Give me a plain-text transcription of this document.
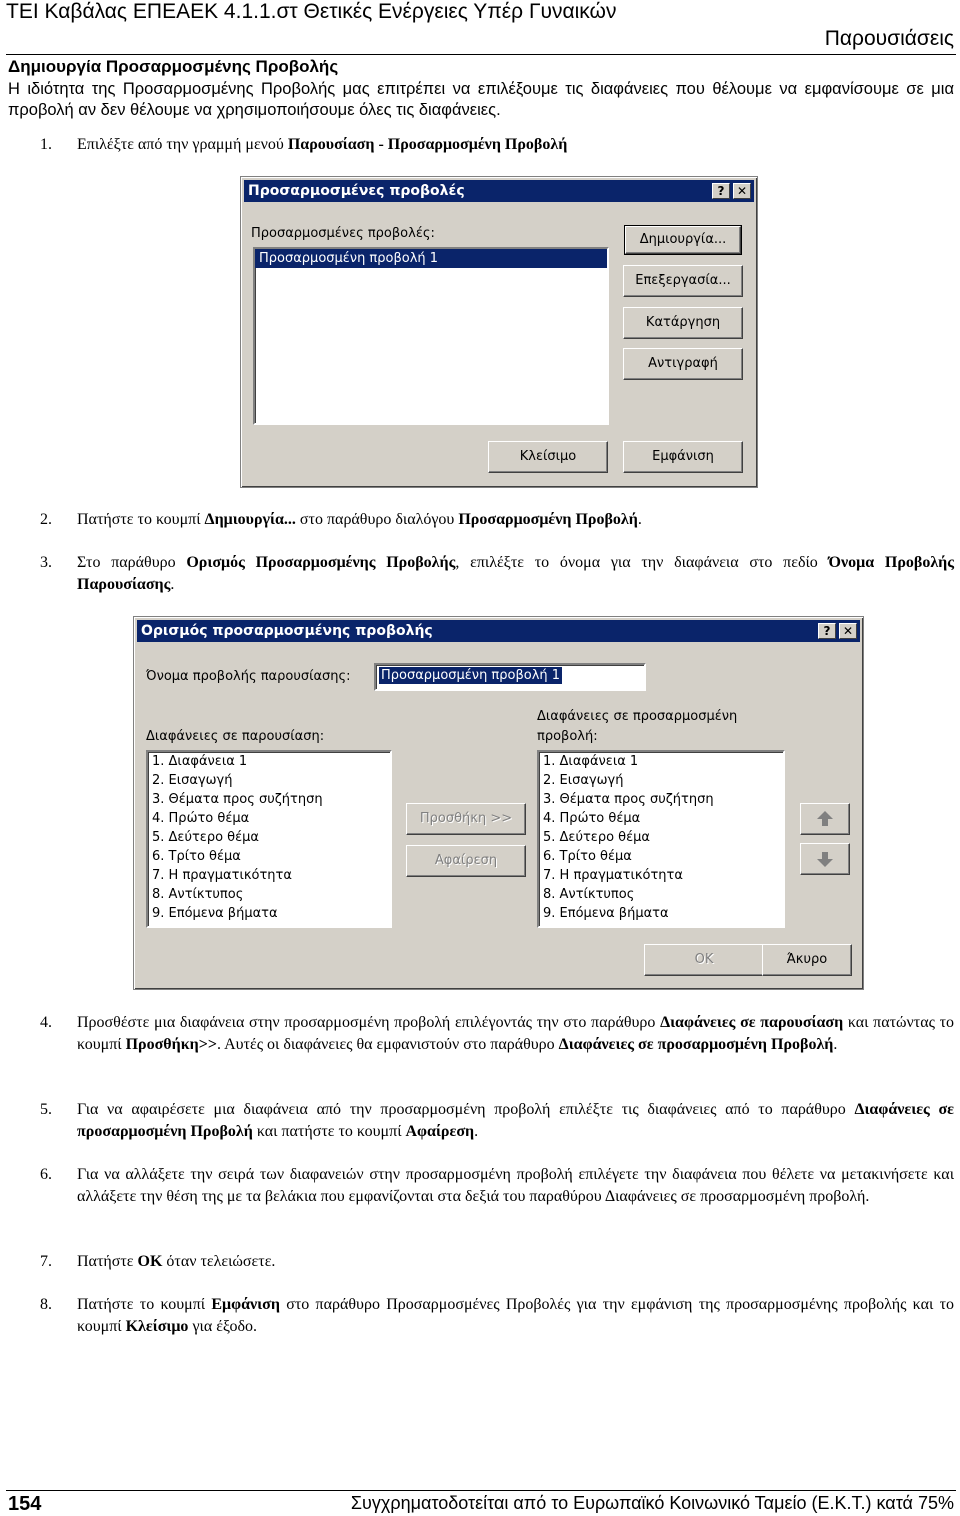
ΤΕΙ Καβάλας ΕΠΕΑΕΚ 4.1.1.στ Θετικές Ενέργειες Υπέρ Γυναικών
Παρουσιάσεις
Δημιουργία Προσαρμοσμένης Προβολής
Η ιδιότητα της Προσαρμοσμένης Προβολής μας επιτρέπει να επιλέξουμε τις διαφάνειες που θέλουμε να εμφανίσουμε σε μια προβολή αν δεν θέλουμε να χρησιμοποιήσουμε όλες τις διαφάνειες.
1.	Επιλέξτε από την γραμμή μενού Παρουσίαση - Προσαρμοσμένη Προβολή
Προσαρμοσμένες προβολές	?	✕
Προσαρμοσμένες προβολές:
Προσαρμοσμένη προβολή 1
Δημιουργία...
Επεξεργασία...
Κατάργηση
Αντιγραφή
Κλείσιμο	Εμφάνιση
2.	Πατήστε το κουμπί Δημιουργία... στο παράθυρο διαλόγου Προσαρμοσμένη Προβολή.
3.	Στο παράθυρο Ορισμός Προσαρμοσμένης Προβολής, επιλέξτε το όνομα για την διαφάνεια στο πεδίο Όνομα Προβολής Παρουσίασης.
Ορισμός προσαρμοσμένης προβολής	?	✕
Όνομα προβολής παρουσίασης:	Προσαρμοσμένη προβολή 1
Διαφάνειες σε παρουσίαση:
Διαφάνειες σε προσαρμοσμένη
προβολή:
1. Διαφάνεια 1
2. Εισαγωγή
3. Θέματα προς συζήτηση
4. Πρώτο θέμα
5. Δεύτερο θέμα
6. Τρίτο θέμα
7. Η πραγματικότητα
8. Αντίκτυπος
9. Επόμενα βήματα
Προσθήκη >>
Αφαίρεση
1. Διαφάνεια 1
2. Εισαγωγή
3. Θέματα προς συζήτηση
4. Πρώτο θέμα
5. Δεύτερο θέμα
6. Τρίτο θέμα
7. Η πραγματικότητα
8. Αντίκτυπος
9. Επόμενα βήματα
OK	Άκυρο
4.	Προσθέστε μια διαφάνεια στην προσαρμοσμένη προβολή επιλέγοντάς την στο παράθυρο Διαφάνειες σε παρουσίαση και πατώντας το κουμπί Προσθήκη>>. Αυτές οι διαφάνειες θα εμφανιστούν στο παράθυρο Διαφάνειες σε προσαρμοσμένη Προβολή.
5.	Για να αφαιρέσετε μια διαφάνεια από την προσαρμοσμένη προβολή επιλέξτε τις διαφάνειες από το παράθυρο Διαφάνειες σε προσαρμοσμένη Προβολή και πατήστε το κουμπί Αφαίρεση.
6.	Για να αλλάξετε την σειρά των διαφανειών στην προσαρμοσμένη προβολή επιλέγετε την διαφάνεια που θέλετε να μετακινήσετε και αλλάξετε την θέση της με τα βελάκια που εμφανίζονται στα δεξιά του παραθύρου Διαφάνειες σε προσαρμοσμένη προβολή.
7.	Πατήστε OK όταν τελειώσετε.
8.	Πατήστε το κουμπί Εμφάνιση στο παράθυρο Προσαρμοσμένες Προβολές για την εμφάνιση της προσαρμοσμένης προβολής και το κουμπί Κλείσιμο για έξοδο.
154	Συγχρηματοδοτείται από το Ευρωπαϊκό Κοινωνικό Ταμείο (Ε.Κ.Τ.) κατά 75%
